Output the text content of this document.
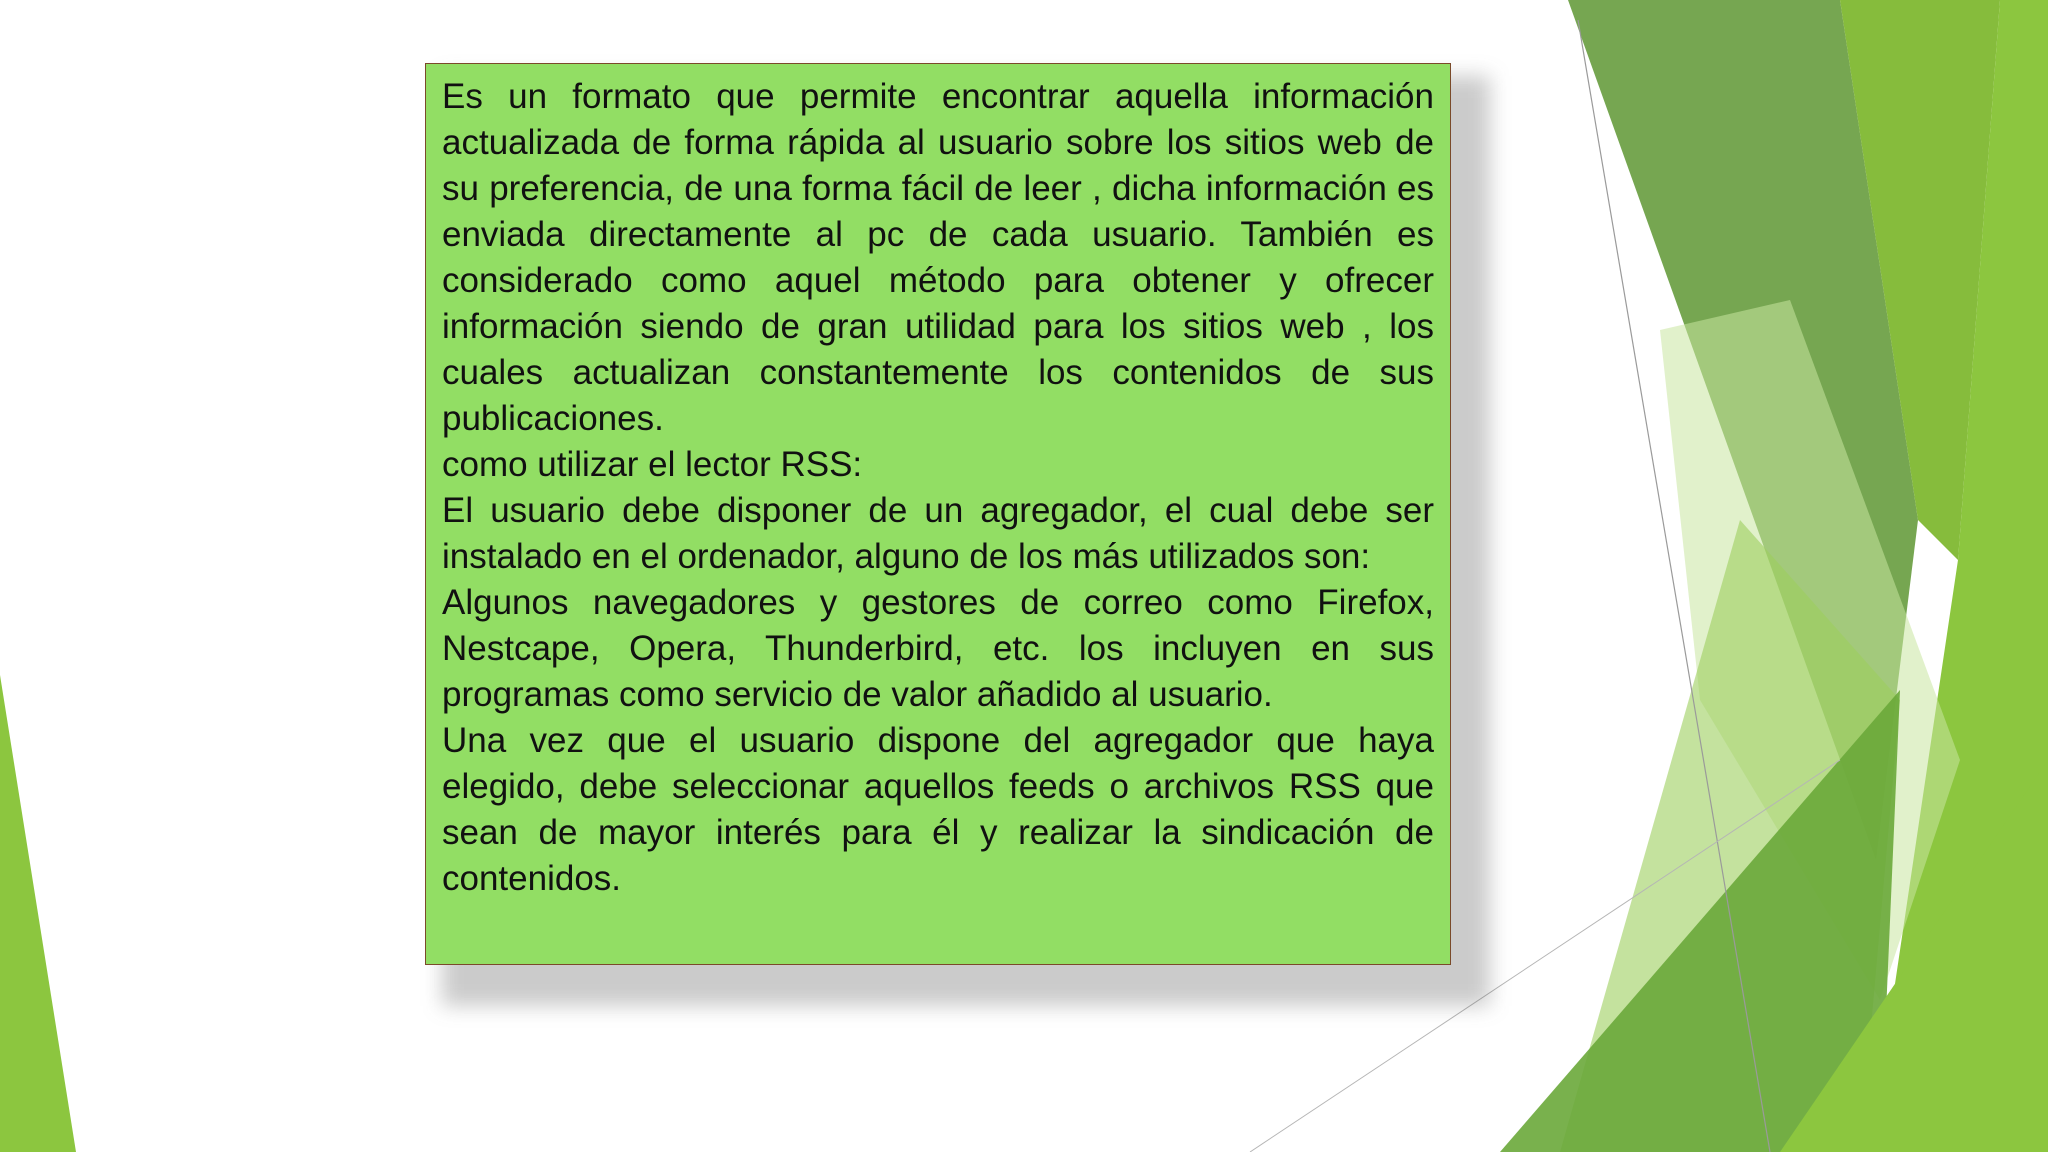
Es un formato que permite encontrar aquella información actualizada de forma rápida al usuario sobre los sitios web de su preferencia, de una forma fácil de leer , dicha información es enviada directamente al pc de cada usuario. También es considerado como aquel método para obtener y ofrecer información siendo de gran utilidad para los sitios web , los cuales actualizan constantemente los contenidos de sus publicaciones.

como utilizar el lector RSS:

El usuario debe disponer de un agregador, el cual debe ser instalado en el ordenador, alguno de los más utilizados son:

Algunos navegadores y gestores de correo como Firefox, Nestcape, Opera, Thunderbird, etc. los incluyen en sus programas como servicio de valor añadido al usuario.

Una vez que el usuario dispone del agregador que haya elegido, debe seleccionar aquellos feeds o archivos RSS que sean de mayor interés para él y realizar la sindicación de contenidos.
